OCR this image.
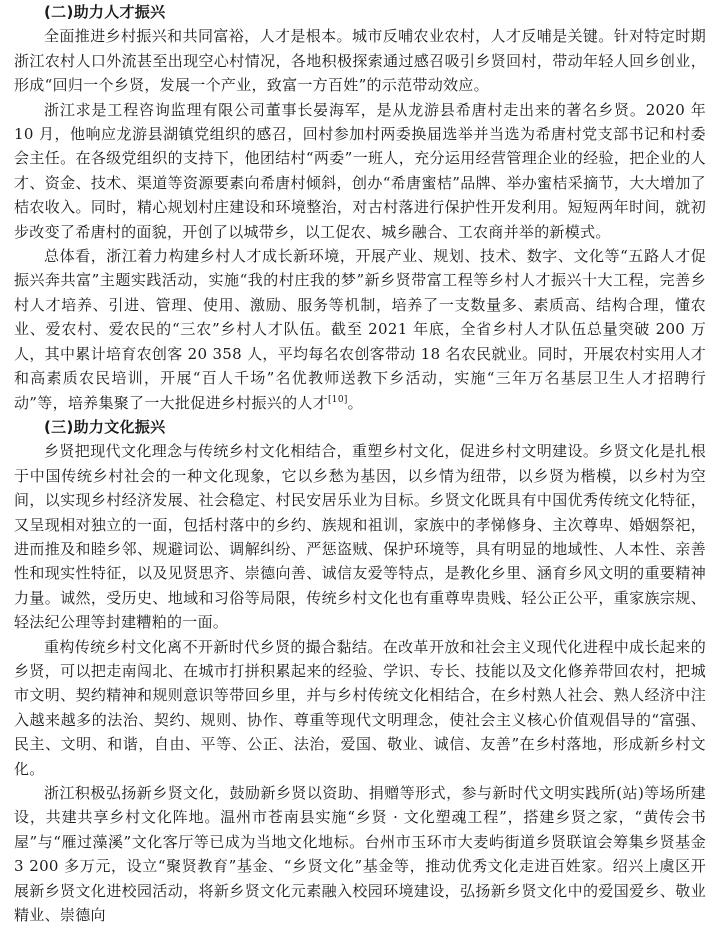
(二)助力人才振兴

全面推进乡村振兴和共同富裕，人才是根本。城市反哺农业农村，人才反哺是关键。针对特定时期浙江农村人口外流甚至出现空心村情况，各地积极探索通过感召吸引乡贤回村，带动年轻人回乡创业，形成“回归一个乡贤，发展一个产业，致富一方百姓”的示范带动效应。

浙江求是工程咨询监理有限公司董事长晏海军，是从龙游县希唐村走出来的著名乡贤。2020 年 10 月，他响应龙游县湖镇党组织的感召，回村参加村两委换届选举并当选为希唐村党支部书记和村委会主任。在各级党组织的支持下，他团结村“两委”一班人，充分运用经营管理企业的经验，把企业的人才、资金、技术、渠道等资源要素向希唐村倾斜，创办“希唐蜜桔”品牌、举办蜜桔采摘节，大大增加了桔农收入。同时，精心规划村庄建设和环境整治，对古村落进行保护性开发利用。短短两年时间，就初步改变了希唐村的面貌，开创了以城带乡，以工促农、城乡融合、工农商并举的新模式。

总体看，浙江着力构建乡村人才成长新环境，开展产业、规划、技术、数字、文化等“五路人才促振兴奔共富”主题实践活动，实施“我的村庄我的梦”新乡贤带富工程等乡村人才振兴十大工程，完善乡村人才培养、引进、管理、使用、激励、服务等机制，培养了一支数量多、素质高、结构合理，懂农业、爱农村、爱农民的“三农”乡村人才队伍。截至 2021 年底，全省乡村人才队伍总量突破 200 万人，其中累计培育农创客 20 358 人，平均每名农创客带动 18 名农民就业。同时，开展农村实用人才和高素质农民培训，开展“百人千场”名优教师送教下乡活动，实施“三年万名基层卫生人才招聘行动”等，培养集聚了一大批促进乡村振兴的人才[10]。

(三)助力文化振兴

乡贤把现代文化理念与传统乡村文化相结合，重塑乡村文化，促进乡村文明建设。乡贤文化是扎根于中国传统乡村社会的一种文化现象，它以乡愁为基因，以乡情为纽带，以乡贤为楷模，以乡村为空间，以实现乡村经济发展、社会稳定、村民安居乐业为目标。乡贤文化既具有中国优秀传统文化特征，又呈现相对独立的一面，包括村落中的乡约、族规和祖训，家族中的孝悌修身、主次尊卑、婚姻祭祀，进而推及和睦乡邻、规避词讼、调解纠纷、严惩盗贼、保护环境等，具有明显的地域性、人本性、亲善性和现实性特征，以及见贤思齐、崇德向善、诚信友爱等特点，是教化乡里、涵育乡风文明的重要精神力量。诚然，受历史、地域和习俗等局限，传统乡村文化也有重尊卑贵贱、轻公正公平，重家族宗规、轻法纪公理等封建糟粕的一面。

重构传统乡村文化离不开新时代乡贤的撮合黏结。在改革开放和社会主义现代化进程中成长起来的乡贤，可以把走南闯北、在城市打拼积累起来的经验、学识、专长、技能以及文化修养带回农村，把城市文明、契约精神和规则意识等带回乡里，并与乡村传统文化相结合，在乡村熟人社会、熟人经济中注入越来越多的法治、契约、规则、协作、尊重等现代文明理念，使社会主义核心价值观倡导的“富强、民主、文明、和谐，自由、平等、公正、法治，爱国、敬业、诚信、友善”在乡村落地，形成新乡村文化。

浙江积极弘扬新乡贤文化，鼓励新乡贤以资助、捐赠等形式，参与新时代文明实践所(站)等场所建设，共建共享乡村文化阵地。温州市苍南县实施“乡贤 · 文化塑魂工程”，搭建乡贤之家，“黄传会书屋”与“雁过藻溪”文化客厅等已成为当地文化地标。台州市玉环市大麦屿街道乡贤联谊会筹集乡贤基金 3 200 多万元，设立“聚贤教育”基金、“乡贤文化”基金等，推动优秀文化走进百姓家。绍兴上虞区开展新乡贤文化进校园活动，将新乡贤文化元素融入校园环境建设，弘扬新乡贤文化中的爱国爱乡、敬业精业、崇德向
